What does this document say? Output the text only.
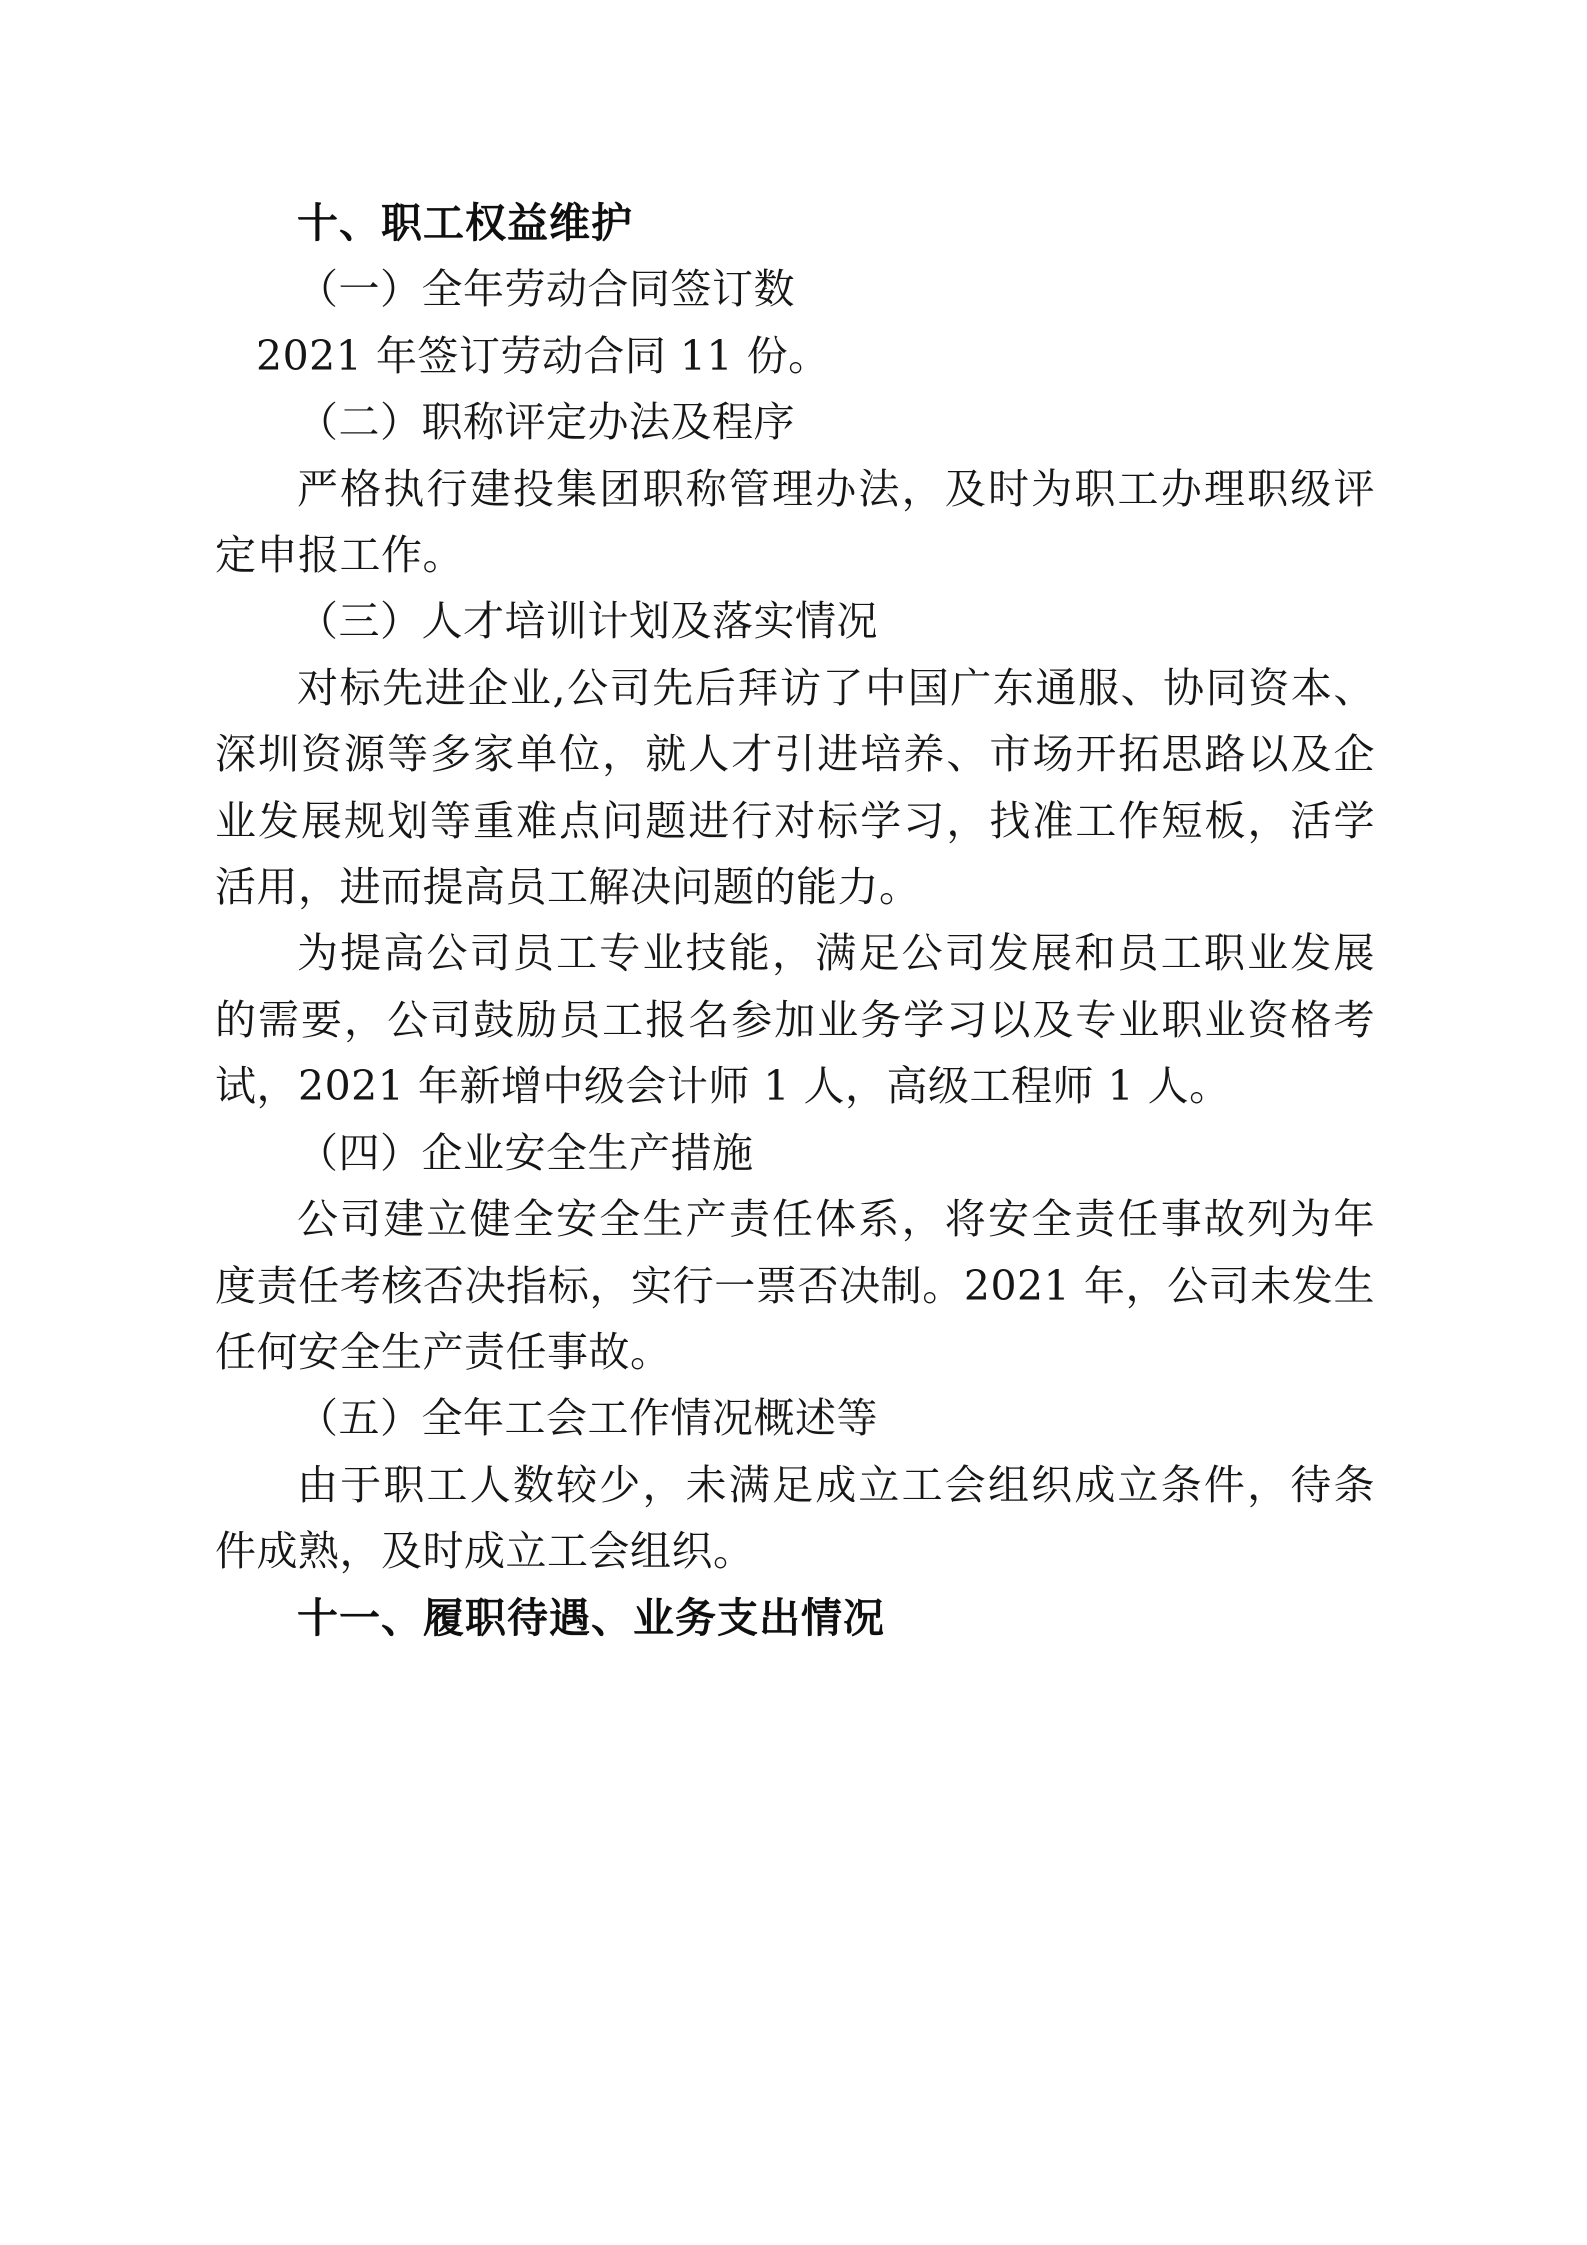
十、职工权益维护

（一）全年劳动合同签订数

2021 年签订劳动合同 11 份。

（二）职称评定办法及程序

严格执行建投集团职称管理办法，及时为职工办理职级评定申报工作。

（三）人才培训计划及落实情况

对标先进企业,公司先后拜访了中国广东通服、协同资本、深圳资源等多家单位，就人才引进培养、市场开拓思路以及企业发展规划等重难点问题进行对标学习，找准工作短板，活学活用，进而提高员工解决问题的能力。

为提高公司员工专业技能，满足公司发展和员工职业发展的需要，公司鼓励员工报名参加业务学习以及专业职业资格考试，2021 年新增中级会计师 1 人，高级工程师 1 人。

（四）企业安全生产措施

公司建立健全安全生产责任体系，将安全责任事故列为年度责任考核否决指标，实行一票否决制。2021 年，公司未发生任何安全生产责任事故。

（五）全年工会工作情况概述等

由于职工人数较少，未满足成立工会组织成立条件，待条件成熟，及时成立工会组织。

十一、履职待遇、业务支出情况
